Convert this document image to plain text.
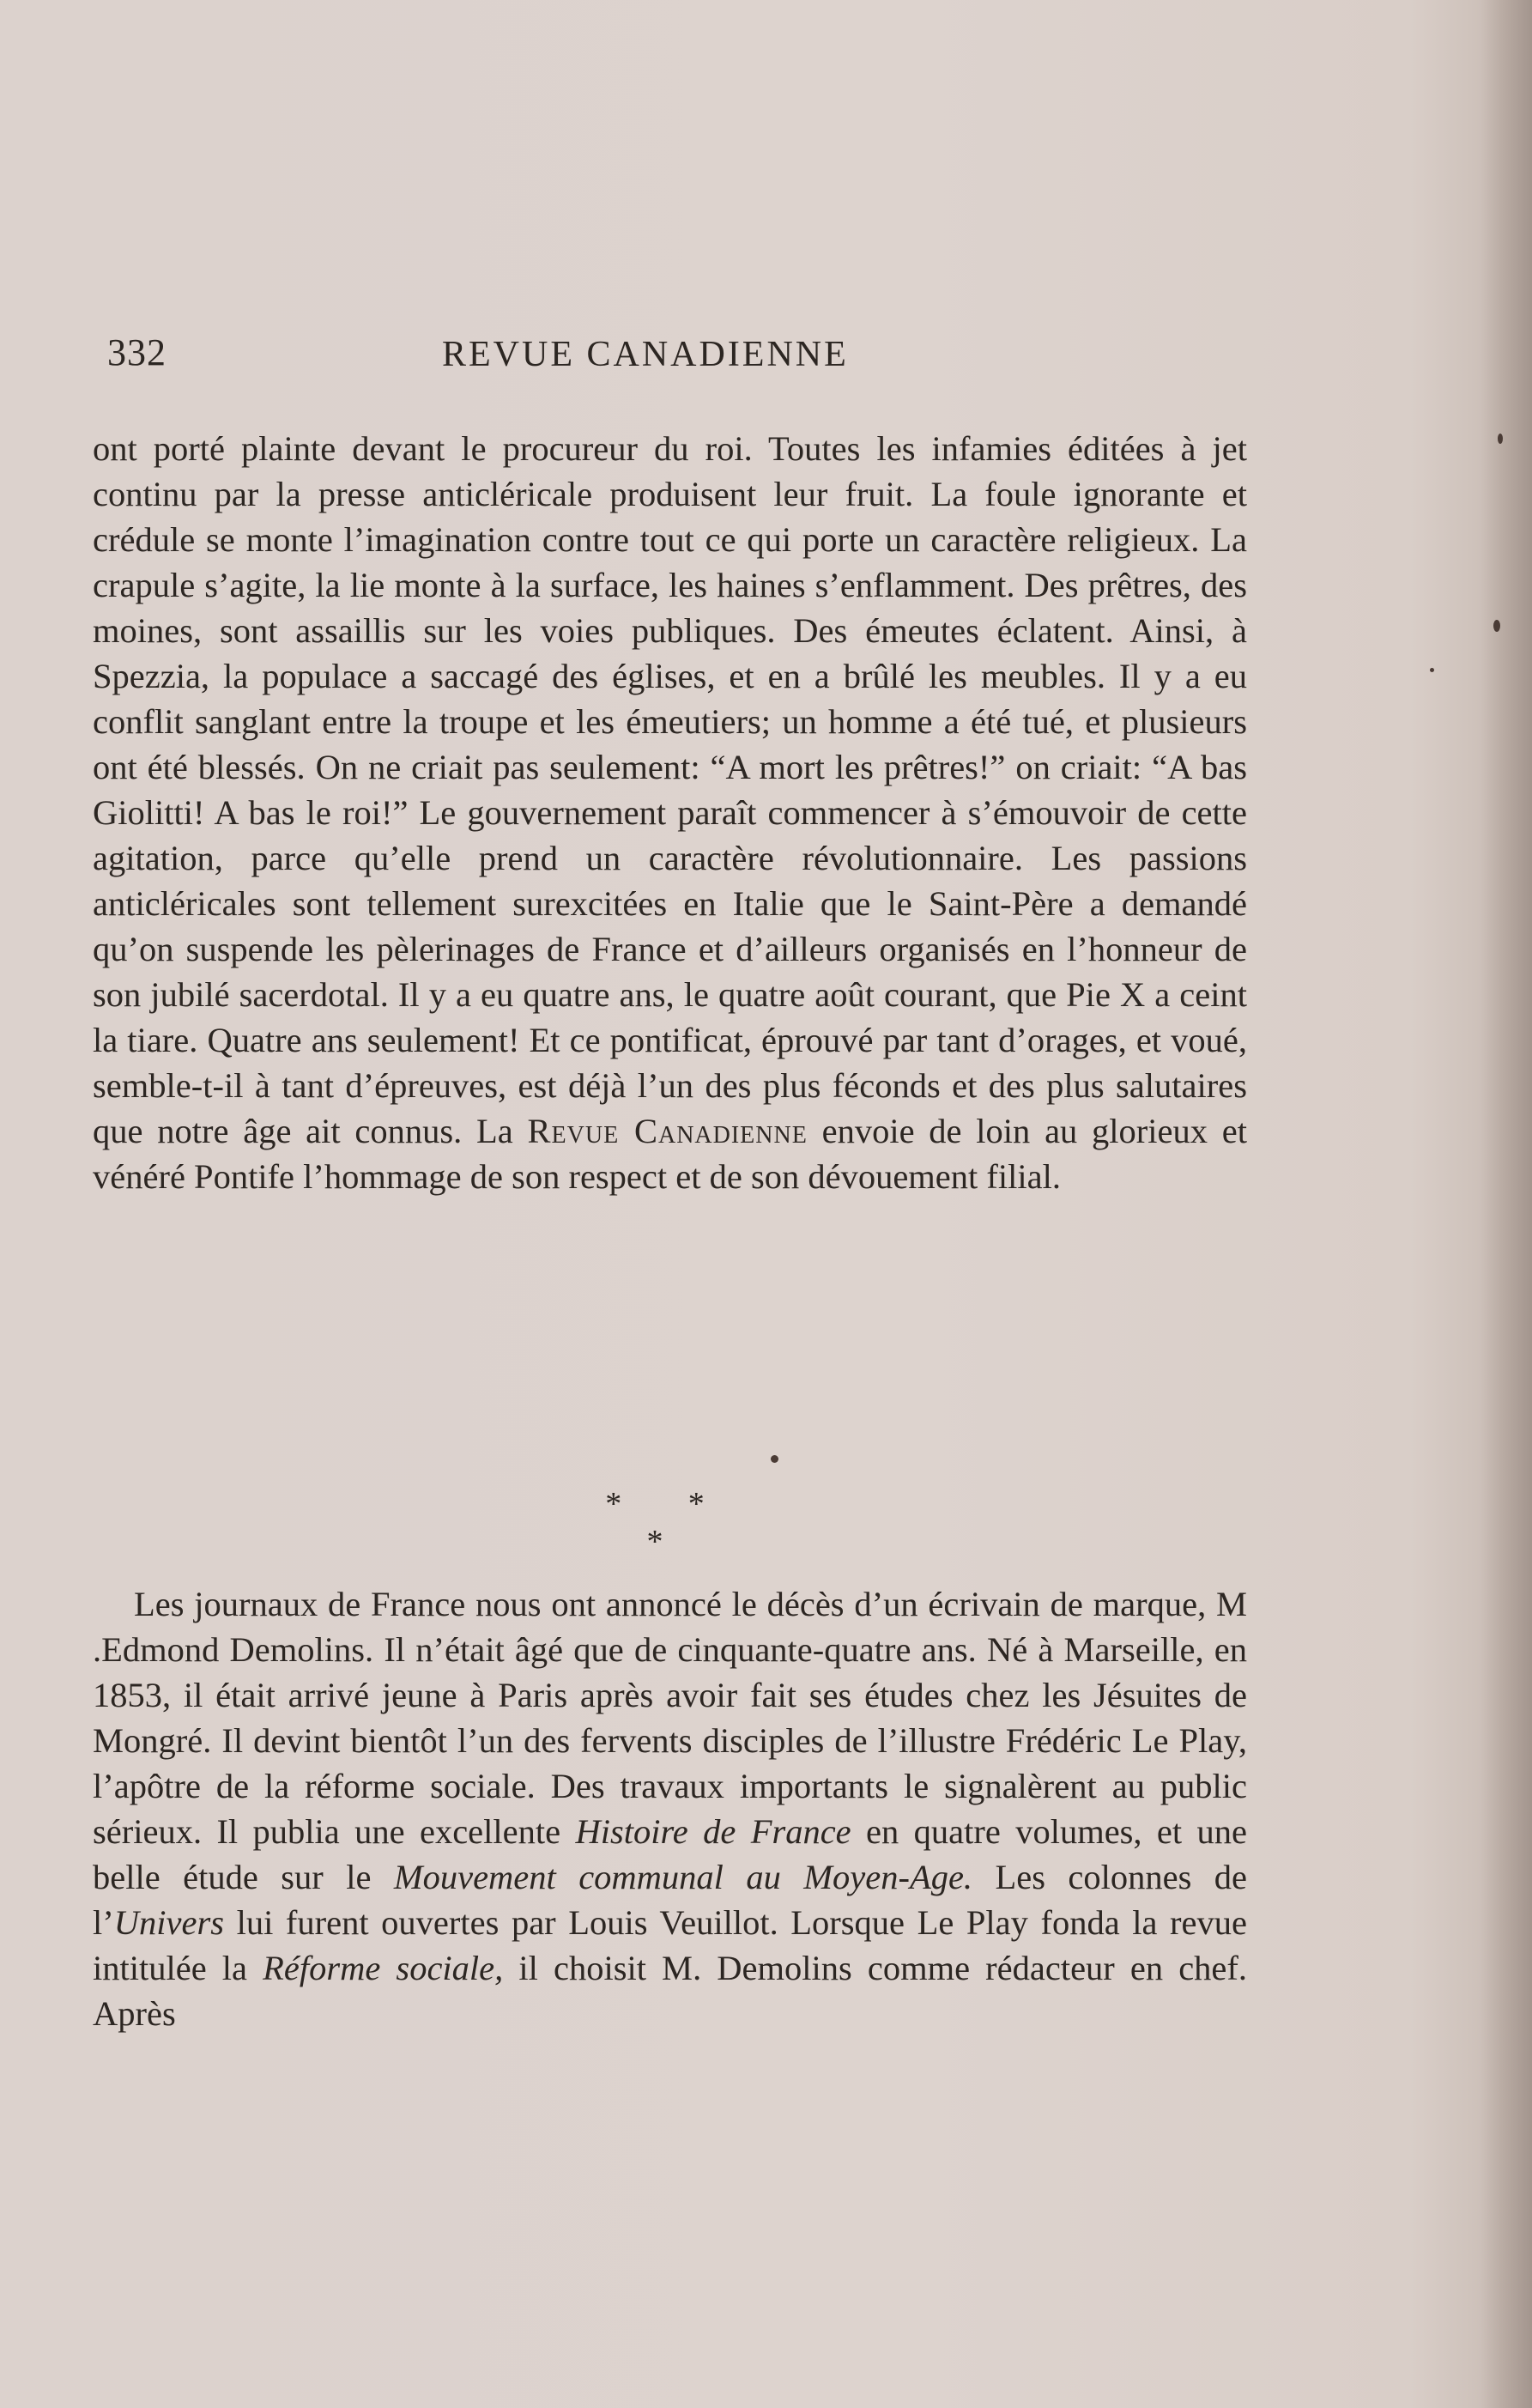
332	REVUE CANADIENNE

ont porté plainte devant le procureur du roi. Toutes les infamies éditées à jet continu par la presse anticléricale produisent leur fruit. La foule ignorante et crédule se monte l’imagination contre tout ce qui porte un caractère religieux. La crapule s’agite, la lie monte à la surface, les haines s’enflamment. Des prêtres, des moines, sont assaillis sur les voies publiques. Des émeutes éclatent. Ainsi, à Spezzia, la populace a saccagé des églises, et en a brûlé les meubles. Il y a eu conflit sanglant entre la troupe et les émeutiers; un homme a été tué, et plusieurs ont été blessés. On ne criait pas seulement: “A mort les prêtres!” on criait: “A bas Giolitti! A bas le roi!” Le gouvernement paraît commencer à s’émouvoir de cette agitation, parce qu’elle prend un caractère révolutionnaire. Les passions anticléricales sont tellement surexcitées en Italie que le Saint-Père a demandé qu’on suspende les pèlerinages de France et d’ailleurs organisés en l’honneur de son jubilé sacerdotal. Il y a eu quatre ans, le quatre août courant, que Pie X a ceint la tiare. Quatre ans seulement! Et ce pontificat, éprouvé par tant d’orages, et voué, semble-t-il à tant d’épreuves, est déjà l’un des plus féconds et des plus salutaires que notre âge ait connus. La Revue Canadienne envoie de loin au glorieux et vénéré Pontife l’hommage de son respect et de son dévouement filial.

* * *

Les journaux de France nous ont annoncé le décès d’un écrivain de marque, M .Edmond Demolins. Il n’était âgé que de cinquante-quatre ans. Né à Marseille, en 1853, il était arrivé jeune à Paris après avoir fait ses études chez les Jésuites de Mongré. Il devint bientôt l’un des fervents disciples de l’illustre Frédéric Le Play, l’apôtre de la réforme sociale. Des travaux importants le signalèrent au public sérieux. Il publia une excellente Histoire de France en quatre volumes, et une belle étude sur le Mouvement communal au Moyen-Age. Les colonnes de l’Univers lui furent ouvertes par Louis Veuillot. Lorsque Le Play fonda la revue intitulée la Réforme sociale, il choisit M. Demolins comme rédacteur en chef. Après
